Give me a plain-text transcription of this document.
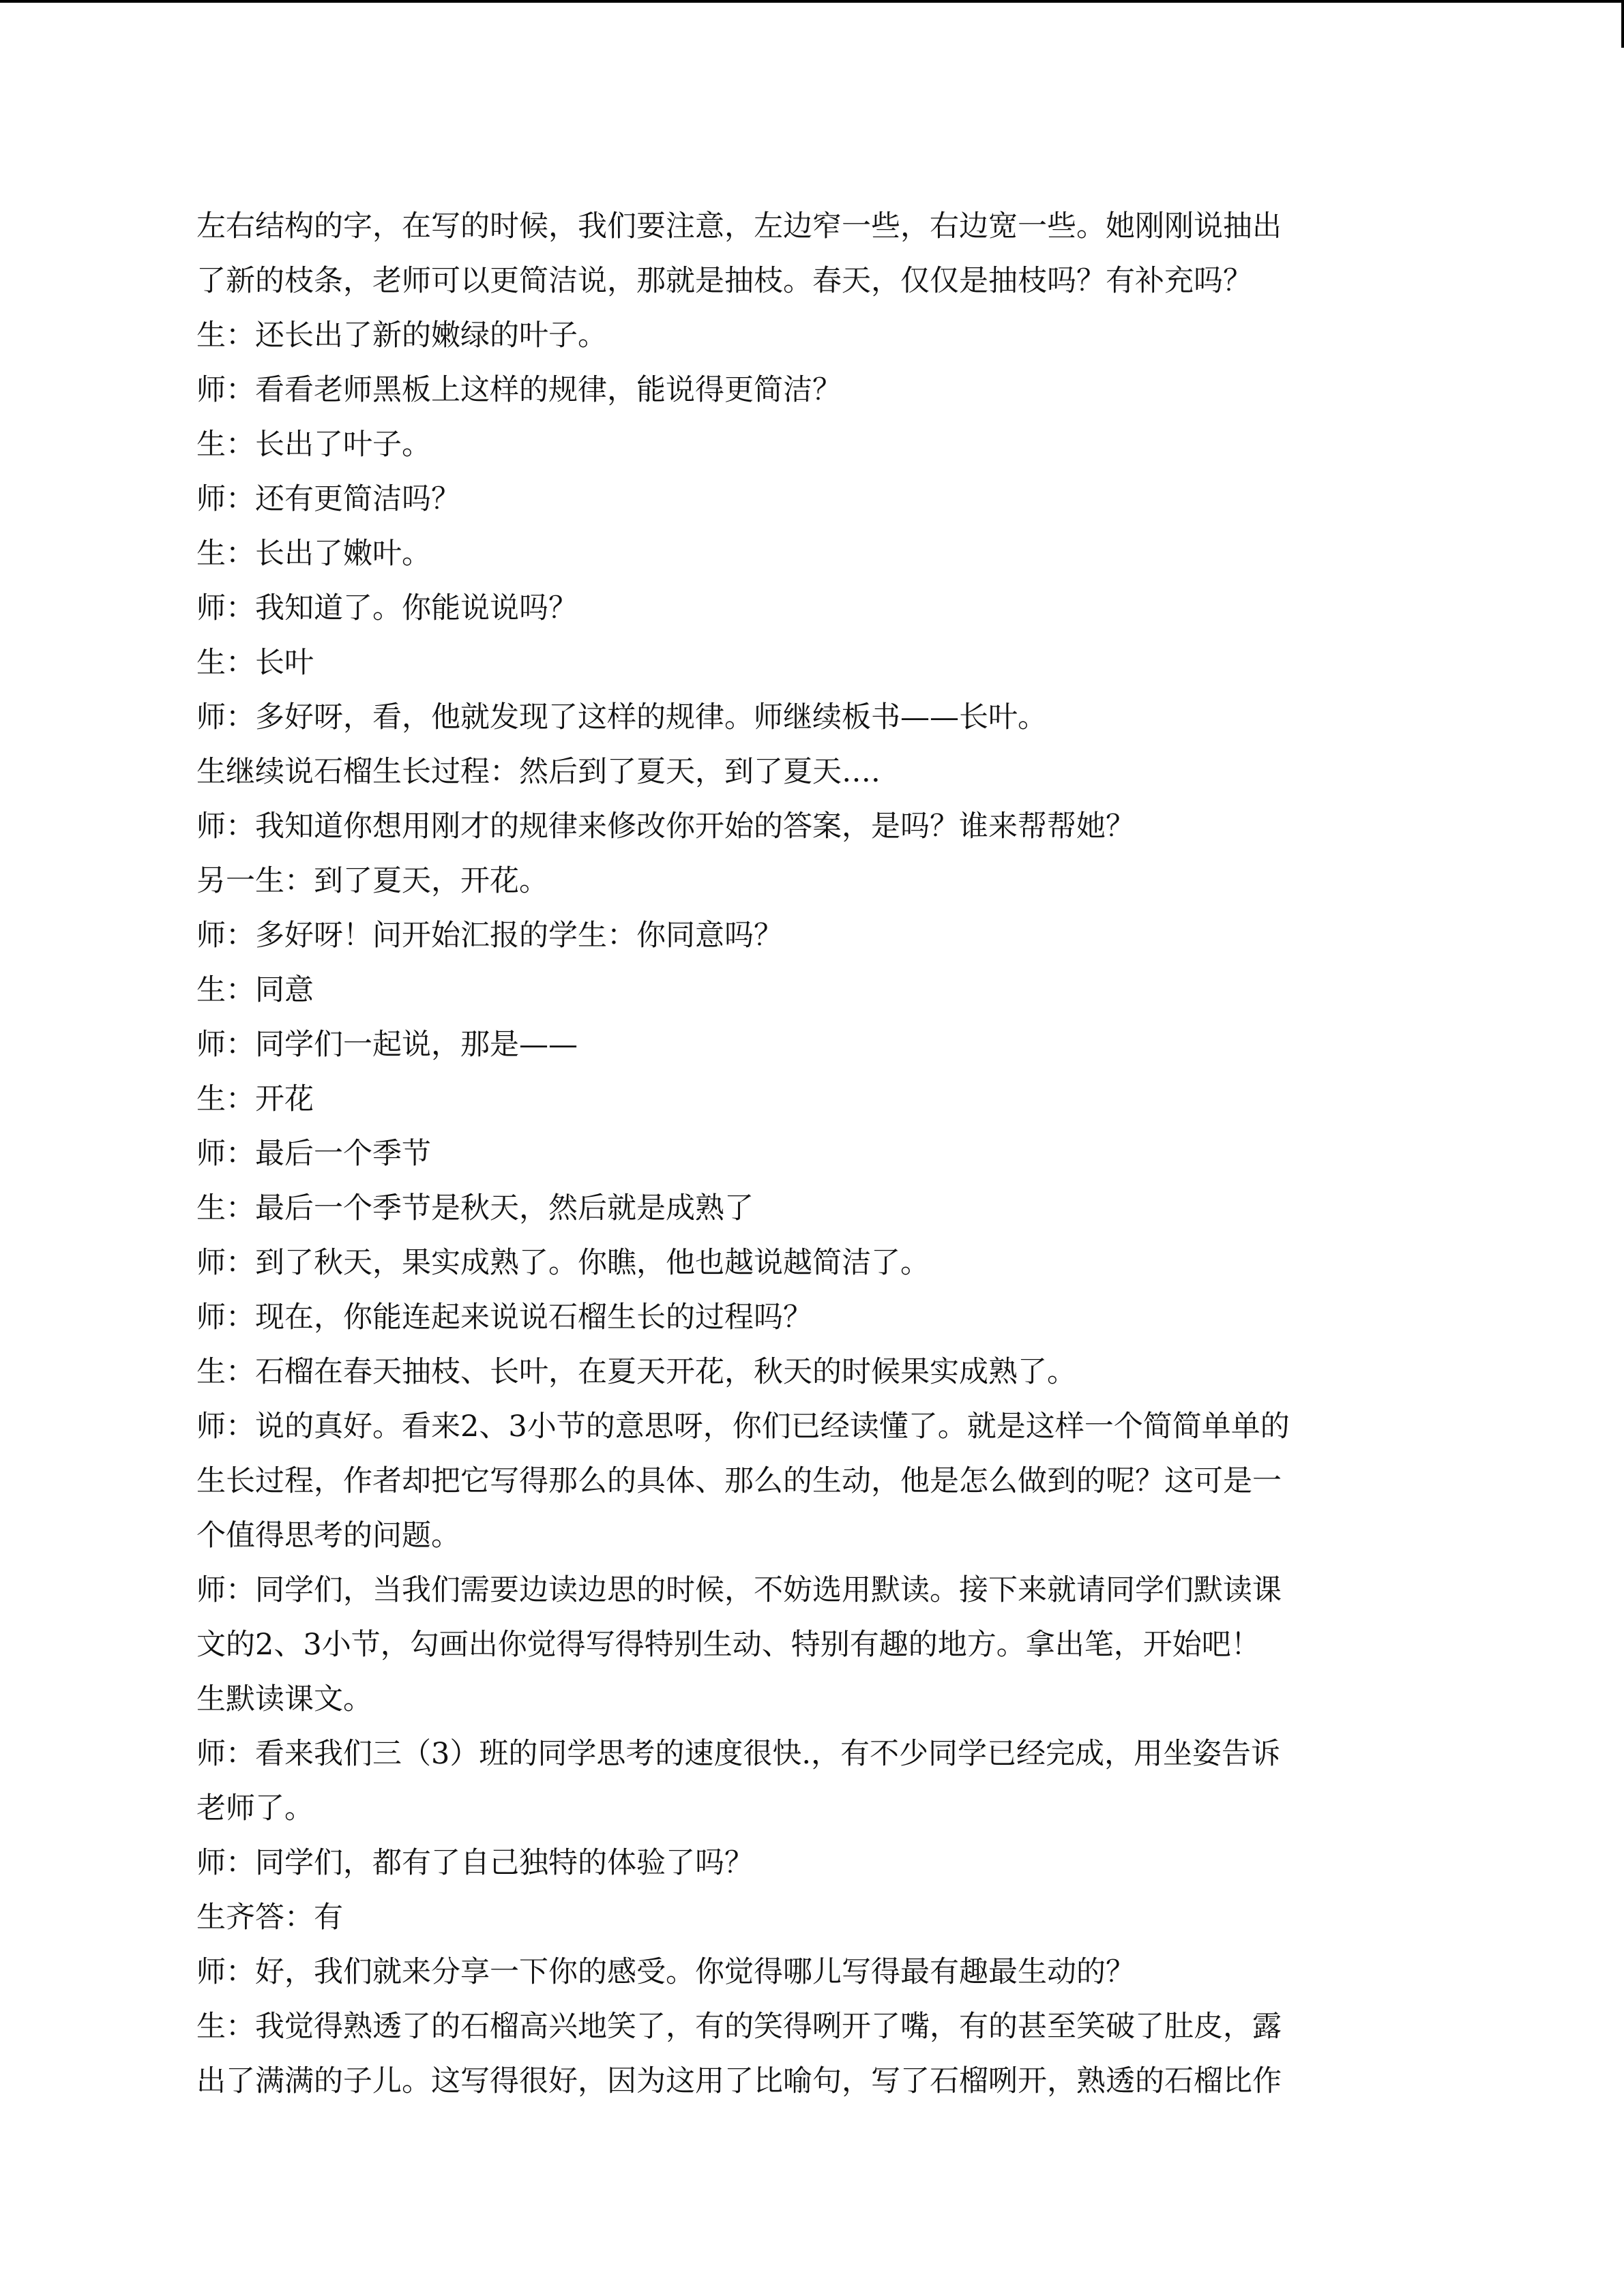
左右结构的字，在写的时候，我们要注意，左边窄一些，右边宽一些。她刚刚说抽出
了新的枝条，老师可以更简洁说，那就是抽枝。春天，仅仅是抽枝吗？有补充吗？
生：还长出了新的嫩绿的叶子。
师：看看老师黑板上这样的规律，能说得更简洁？
生：长出了叶子。
师：还有更简洁吗？
生：长出了嫩叶。
师：我知道了。你能说说吗？
生：长叶
师：多好呀，看，他就发现了这样的规律。师继续板书——长叶。
生继续说石榴生长过程：然后到了夏天，到了夏天….
师：我知道你想用刚才的规律来修改你开始的答案，是吗？谁来帮帮她？
另一生：到了夏天，开花。
师：多好呀！问开始汇报的学生：你同意吗？
生：同意
师：同学们一起说，那是——
生：开花
师：最后一个季节
生：最后一个季节是秋天，然后就是成熟了
师：到了秋天，果实成熟了。你瞧，他也越说越简洁了。
师：现在，你能连起来说说石榴生长的过程吗？
生：石榴在春天抽枝、长叶，在夏天开花，秋天的时候果实成熟了。
师：说的真好。看来2、3小节的意思呀，你们已经读懂了。就是这样一个简简单单的
生长过程，作者却把它写得那么的具体、那么的生动，他是怎么做到的呢？这可是一
个值得思考的问题。
师：同学们，当我们需要边读边思的时候，不妨选用默读。接下来就请同学们默读课
文的2、3小节，勾画出你觉得写得特别生动、特别有趣的地方。拿出笔，开始吧！
生默读课文。
师：看来我们三（3）班的同学思考的速度很快.，有不少同学已经完成，用坐姿告诉
老师了。
师：同学们，都有了自己独特的体验了吗？
生齐答：有
师：好，我们就来分享一下你的感受。你觉得哪儿写得最有趣最生动的？
生：我觉得熟透了的石榴高兴地笑了，有的笑得咧开了嘴，有的甚至笑破了肚皮，露
出了满满的子儿。这写得很好，因为这用了比喻句，写了石榴咧开，熟透的石榴比作
